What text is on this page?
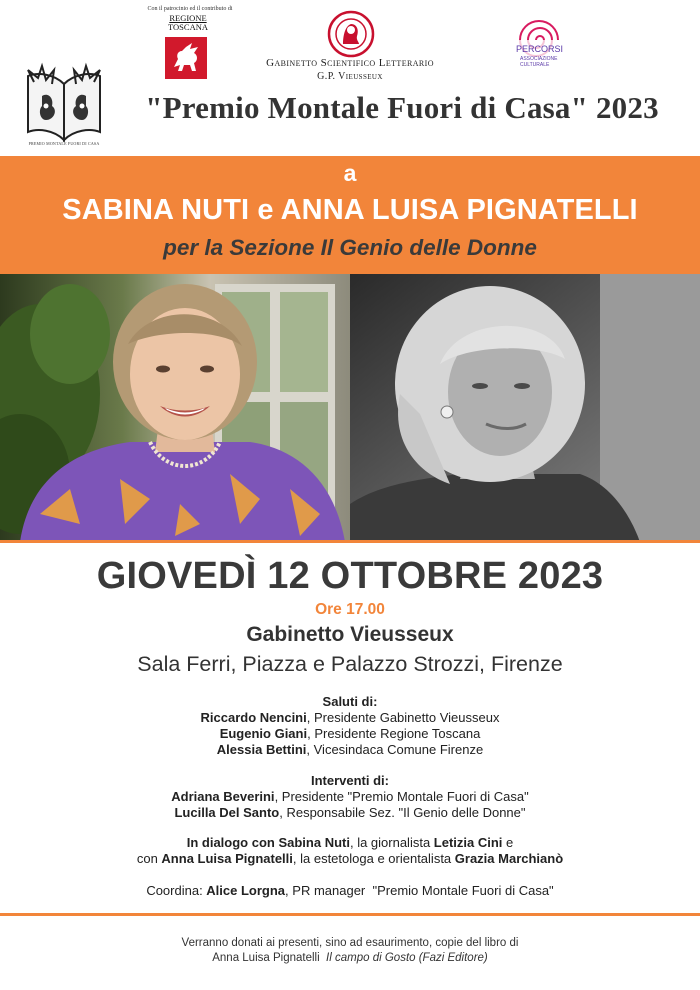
PREMIO MONTALE FUORI DI CASA
Con il patrocinio ed il contributo di
REGIONE
TOSCANA
Gabinetto Scientifico Letterario
G.P. Vieusseux
PERCORSI
ASSOCIAZIONE
CULTURALE
"Premio Montale Fuori di Casa" 2023
a
SABINA NUTI e ANNA LUISA PIGNATELLI
per la Sezione Il Genio delle Donne
GIOVEDÌ 12 OTTOBRE 2023
Ore 17.00
Gabinetto Vieusseux
Sala Ferri, Piazza e Palazzo Strozzi, Firenze
Saluti di:
Riccardo Nencini, Presidente Gabinetto Vieusseux
Eugenio Giani, Presidente Regione Toscana
Alessia Bettini, Vicesindaca Comune Firenze
Interventi di:
Adriana Beverini, Presidente "Premio Montale Fuori di Casa"
Lucilla Del Santo, Responsabile Sez. "Il Genio delle Donne"
In dialogo con Sabina Nuti, la giornalista Letizia Cini e
con Anna Luisa Pignatelli, la estetologa e orientalista Grazia Marchianò
Coordina: Alice Lorgna, PR manager  "Premio Montale Fuori di Casa"
Verranno donati ai presenti, sino ad esaurimento, copie del libro di
Anna Luisa Pignatelli  Il campo di Gosto (Fazi Editore)
